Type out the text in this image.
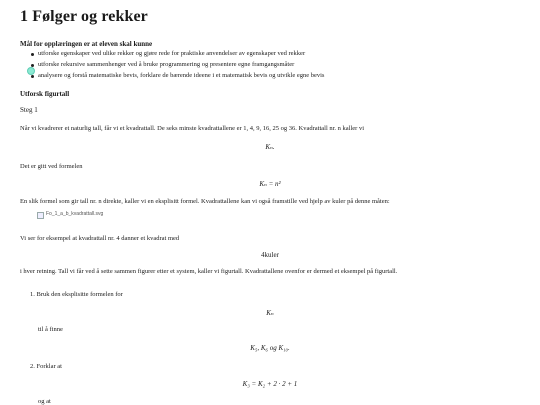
1 Følger og rekker
Mål for opplæringen er at eleven skal kunne
utforske egenskaper ved ulike rekker og gjøre rede for praktiske anvendelser av egenskaper ved rekker
utforske rekursive sammenhenger ved å bruke programmering og presentere egne framgangsmåter
analysere og forstå matematiske bevis, forklare de bærende ideene i et matematisk bevis og utvikle egne bevis
Utforsk figurtall
Steg 1
Når vi kvadrerer et naturlig tall, får vi et kvadrattall. De seks minste kvadrattallene er 1, 4, 9, 16, 25 og 36. Kvadrattall nr. n kaller vi
Kₙ.
Det er gitt ved formelen
Kₙ = n²
En slik formel som gir tall nr. n direkte, kaller vi en eksplisitt formel. Kvadrattallene kan vi også framstille ved hjelp av kuler på denne måten:
Fo_1_a_b_kvadrattall.svg
Vi ser for eksempel at kvadrattall nr. 4 danner et kvadrat med
4kuler
i hver retning. Tall vi får ved å sette sammen figurer etter et system, kaller vi figurtall. Kvadrattallene ovenfor er dermed et eksempel på figurtall.
1. Bruk den eksplisitte formelen for
Kₙ
til å finne
K₅, K₆ og K₁₀.
2. Forklar at
K₃ = K₂ + 2 · 2 + 1
og at
